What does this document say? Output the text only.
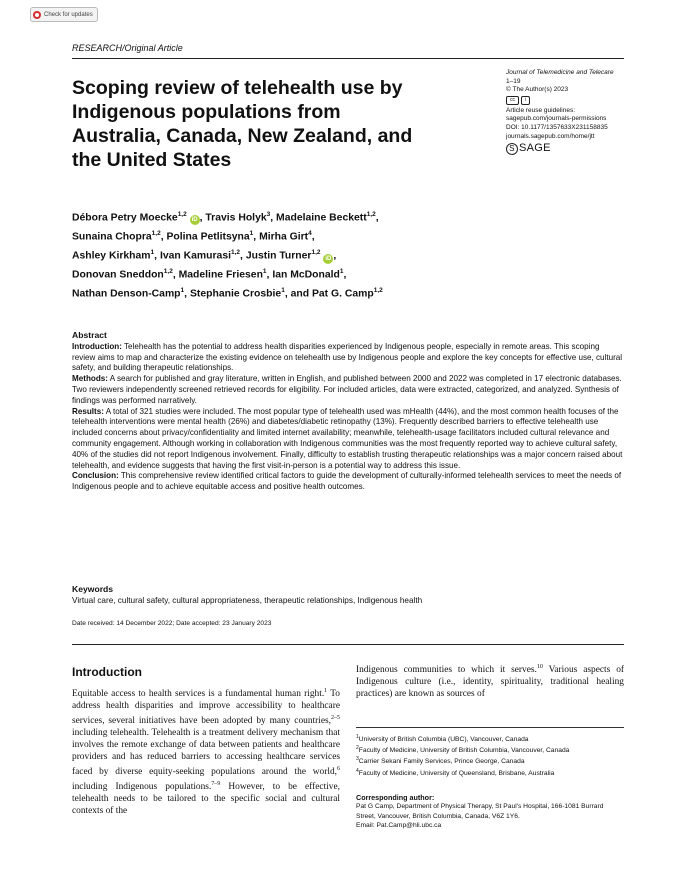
Check for updates
RESEARCH/Original Article
Scoping review of telehealth use by Indigenous populations from Australia, Canada, New Zealand, and the United States
Journal of Telemedicine and Telecare
1–19
© The Author(s) 2023
cc	i
Article reuse guidelines:
sagepub.com/journals-permissions
DOI: 10.1177/1357633X231158835
journals.sagepub.com/home/jtt
S SAGE
Débora Petry Moecke$^{1,2}$ iD , Travis Holyk$^3$, Madelaine Beckett$^{1,2}$,
Sunaina Chopra$^{1,2}$, Polina Petlitsyna$^1$, Mirha Girt$^4$,
Ashley Kirkham$^1$, Ivan Kamurasi$^{1,2}$, Justin Turner$^{1,2}$ iD ,
Donovan Sneddon$^{1,2}$, Madeline Friesen$^1$, Ian McDonald$^1$,
Nathan Denson-Camp$^1$, Stephanie Crosbie$^1$, and Pat G. Camp$^{1,2}$
Abstract

Introduction: Telehealth has the potential to address health disparities experienced by Indigenous people, especially in remote areas. This scoping review aims to map and characterize the existing evidence on telehealth use by Indigenous people and explore the key concepts for effective use, cultural safety, and building therapeutic relationships.

Methods: A search for published and gray literature, written in English, and published between 2000 and 2022 was completed in 17 electronic databases. Two reviewers independently screened retrieved records for eligibility. For included articles, data were extracted, categorized, and analyzed. Synthesis of findings was performed narratively.

Results: A total of 321 studies were included. The most popular type of telehealth used was mHealth (44%), and the most common health focuses of the telehealth interventions were mental health (26%) and diabetes/diabetic retinopathy (13%). Frequently described barriers to effective telehealth use included concerns about privacy/confidentiality and limited internet availability; meanwhile, telehealth-usage facilitators included cultural relevance and community engagement. Although working in collaboration with Indigenous communities was the most frequently reported way to achieve cultural safety, 40% of the studies did not report Indigenous involvement. Finally, difficulty to establish trusting therapeutic relationships was a major concern raised about telehealth, and evidence suggests that having the first visit-in-person is a potential way to address this issue.

Conclusion: This comprehensive review identified critical factors to guide the development of culturally-informed telehealth services to meet the needs of Indigenous people and to achieve equitable access and positive health outcomes.

Keywords
Virtual care, cultural safety, cultural appropriateness, therapeutic relationships, Indigenous health
Date received: 14 December 2022; Date accepted: 23 January 2023
Introduction
Equitable access to health services is a fundamental human right.$^1$ To address health disparities and improve accessibility to healthcare services, several initiatives have been adopted by many countries,$^{2-5}$ including telehealth. Telehealth is a treatment delivery mechanism that involves the remote exchange of data between patients and healthcare providers and has reduced barriers to accessing healthcare services faced by diverse equity-seeking populations around the world,$^6$ including Indigenous populations.$^{7-9}$ However, to be effective, telehealth needs to be tailored to the specific social and cultural contexts of the
Indigenous communities to which it serves.$^{10}$ Various aspects of Indigenous culture (i.e., identity, spirituality, traditional healing practices) are known as sources of
$^1$University of British Columbia (UBC), Vancouver, Canada
$^2$Faculty of Medicine, University of British Columbia, Vancouver, Canada
$^3$Carrier Sekani Family Services, Prince George, Canada
$^4$Faculty of Medicine, University of Queensland, Brisbane, Australia
Corresponding author:
Pat G Camp, Department of Physical Therapy, St Paul's Hospital, 166-1081 Burrard Street, Vancouver, British Columbia, Canada, V6Z 1Y6.
Email: Pat.Camp@hli.ubc.ca
